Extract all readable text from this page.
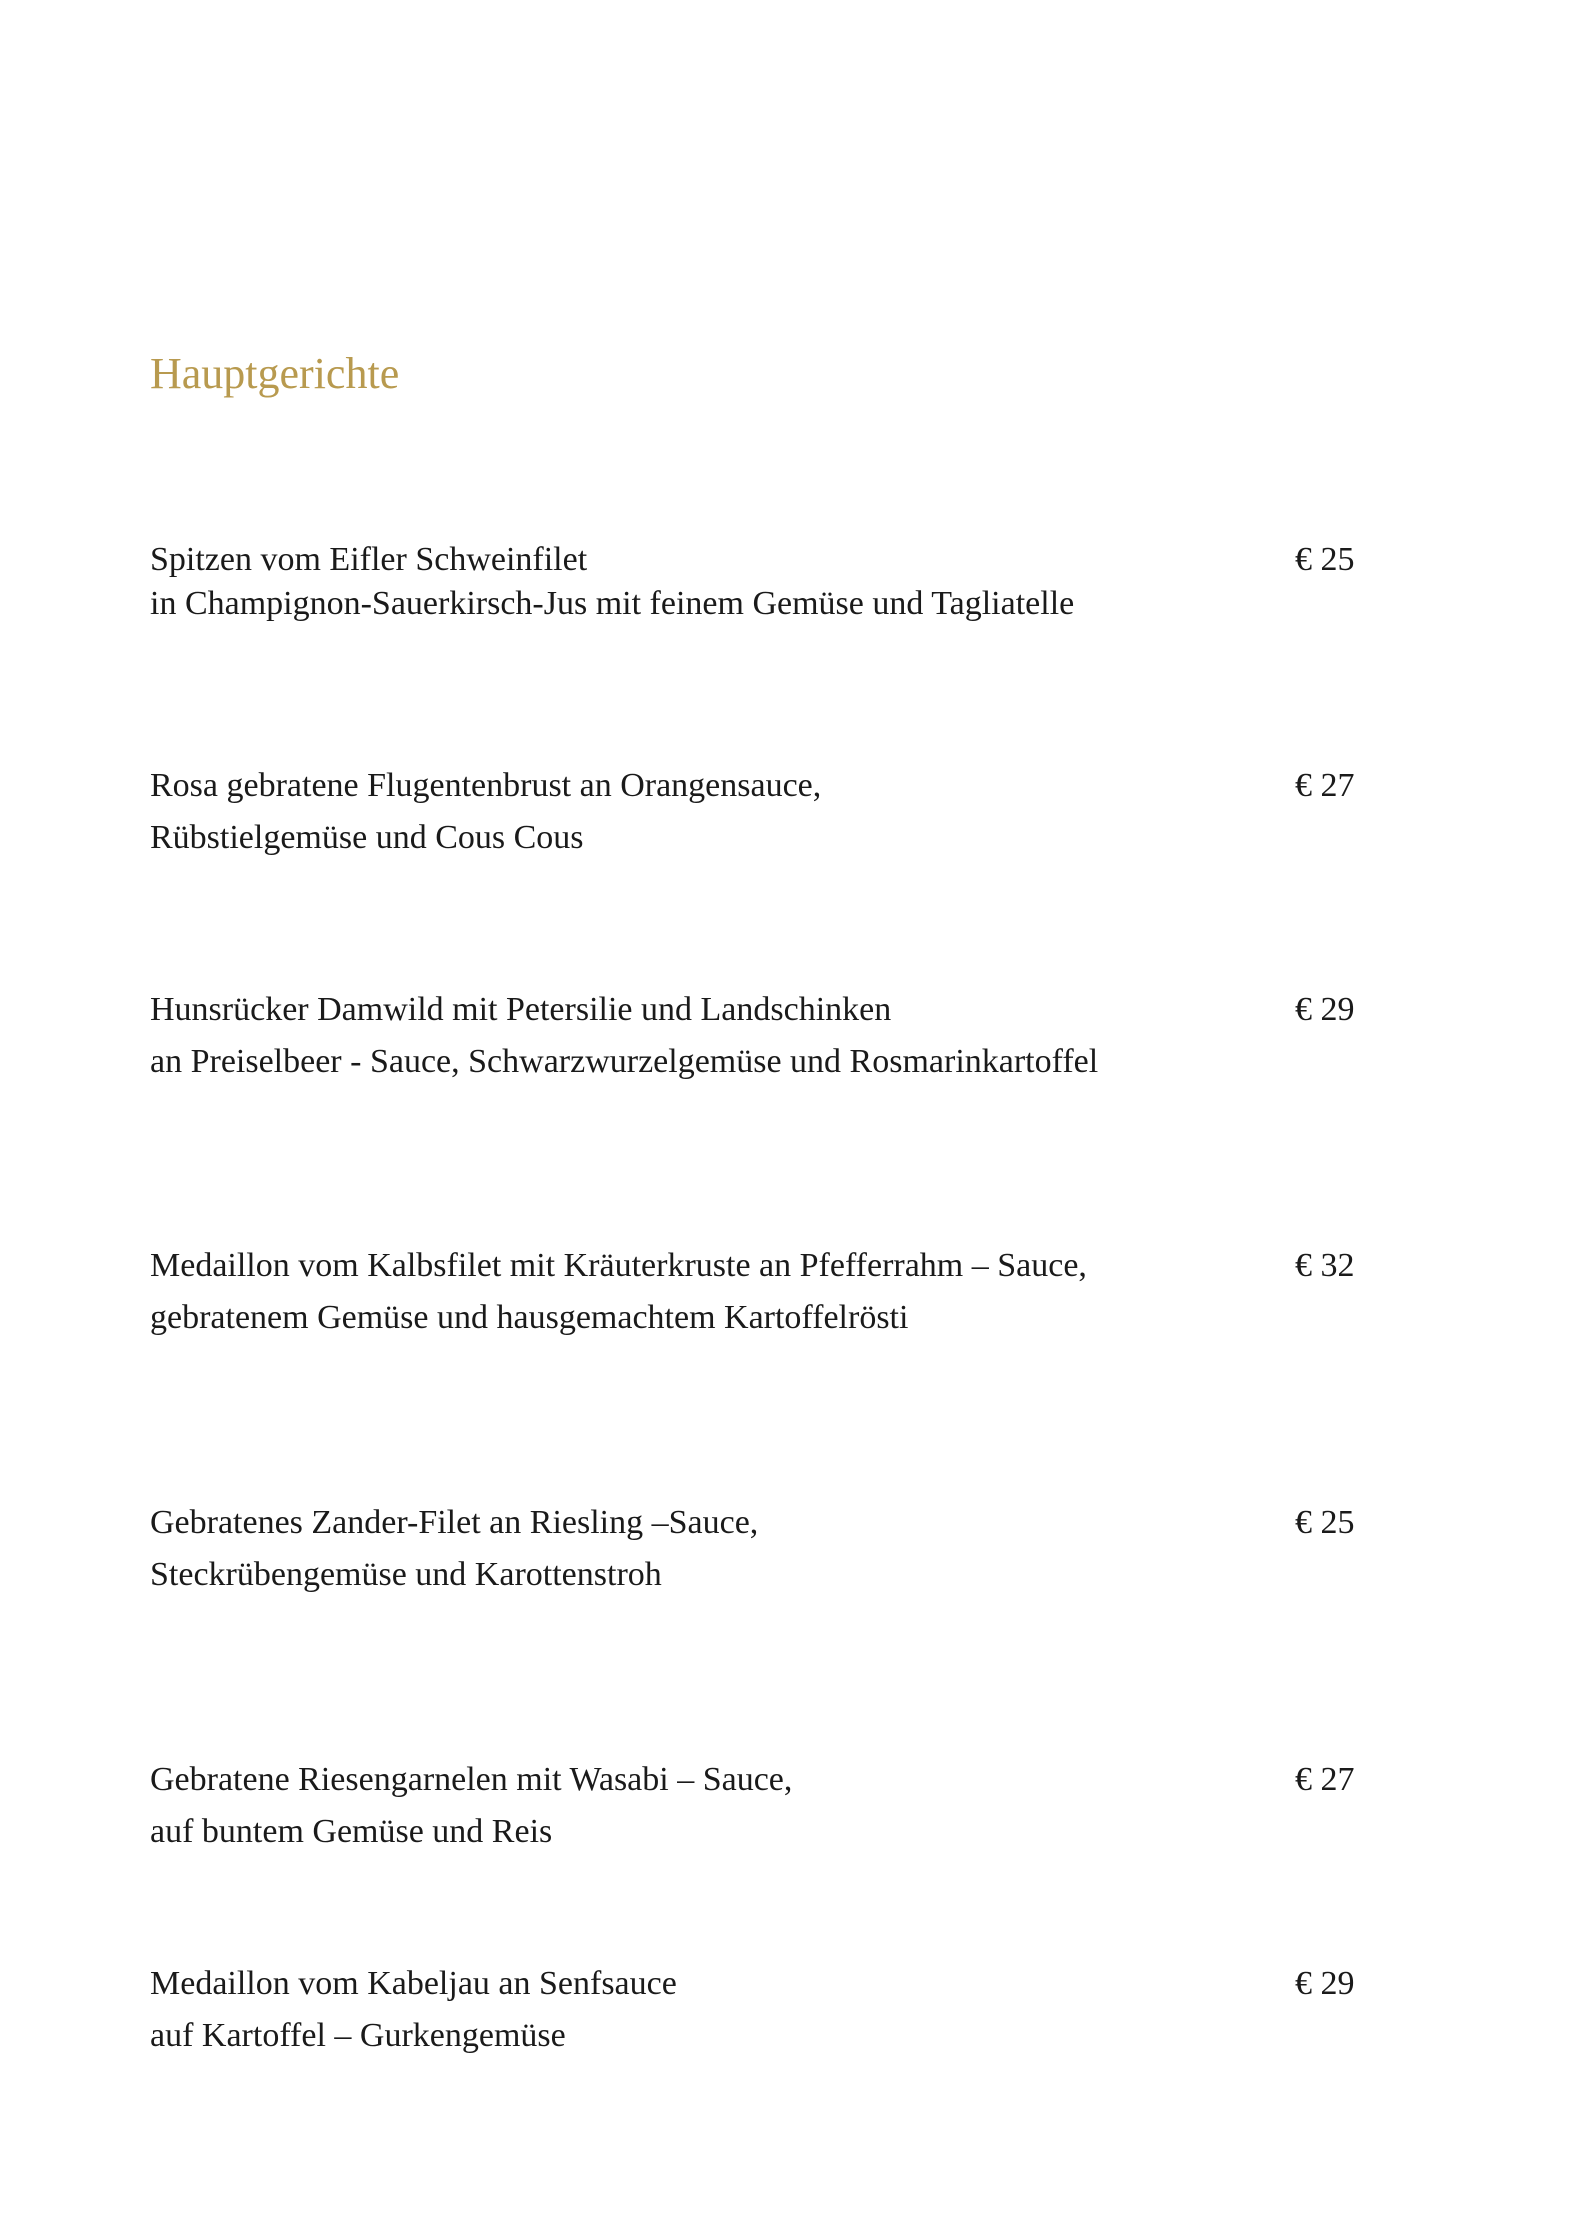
Hauptgerichte
Spitzen vom Eifler Schweinfilet
in Champignon-Sauerkirsch-Jus mit feinem Gemüse und Tagliatelle
€ 25
Rosa gebratene Flugentenbrust an Orangensauce,
Rübstielgemüse und Cous Cous
€ 27
Hunsrücker Damwild mit Petersilie und Landschinken
an Preiselbeer - Sauce, Schwarzwurzelgemüse und Rosmarinkartoffel
€ 29
Medaillon vom Kalbsfilet mit Kräuterkruste an Pfefferrahm – Sauce,
gebratenem Gemüse und hausgemachtem Kartoffelrösti
€ 32
Gebratenes Zander-Filet an Riesling –Sauce,
Steckrübengemüse und Karottenstroh
€ 25
Gebratene Riesengarnelen mit Wasabi – Sauce,
auf buntem Gemüse und Reis
€ 27
Medaillon vom Kabeljau an Senfsauce
auf Kartoffel – Gurkengemüse
€ 29
